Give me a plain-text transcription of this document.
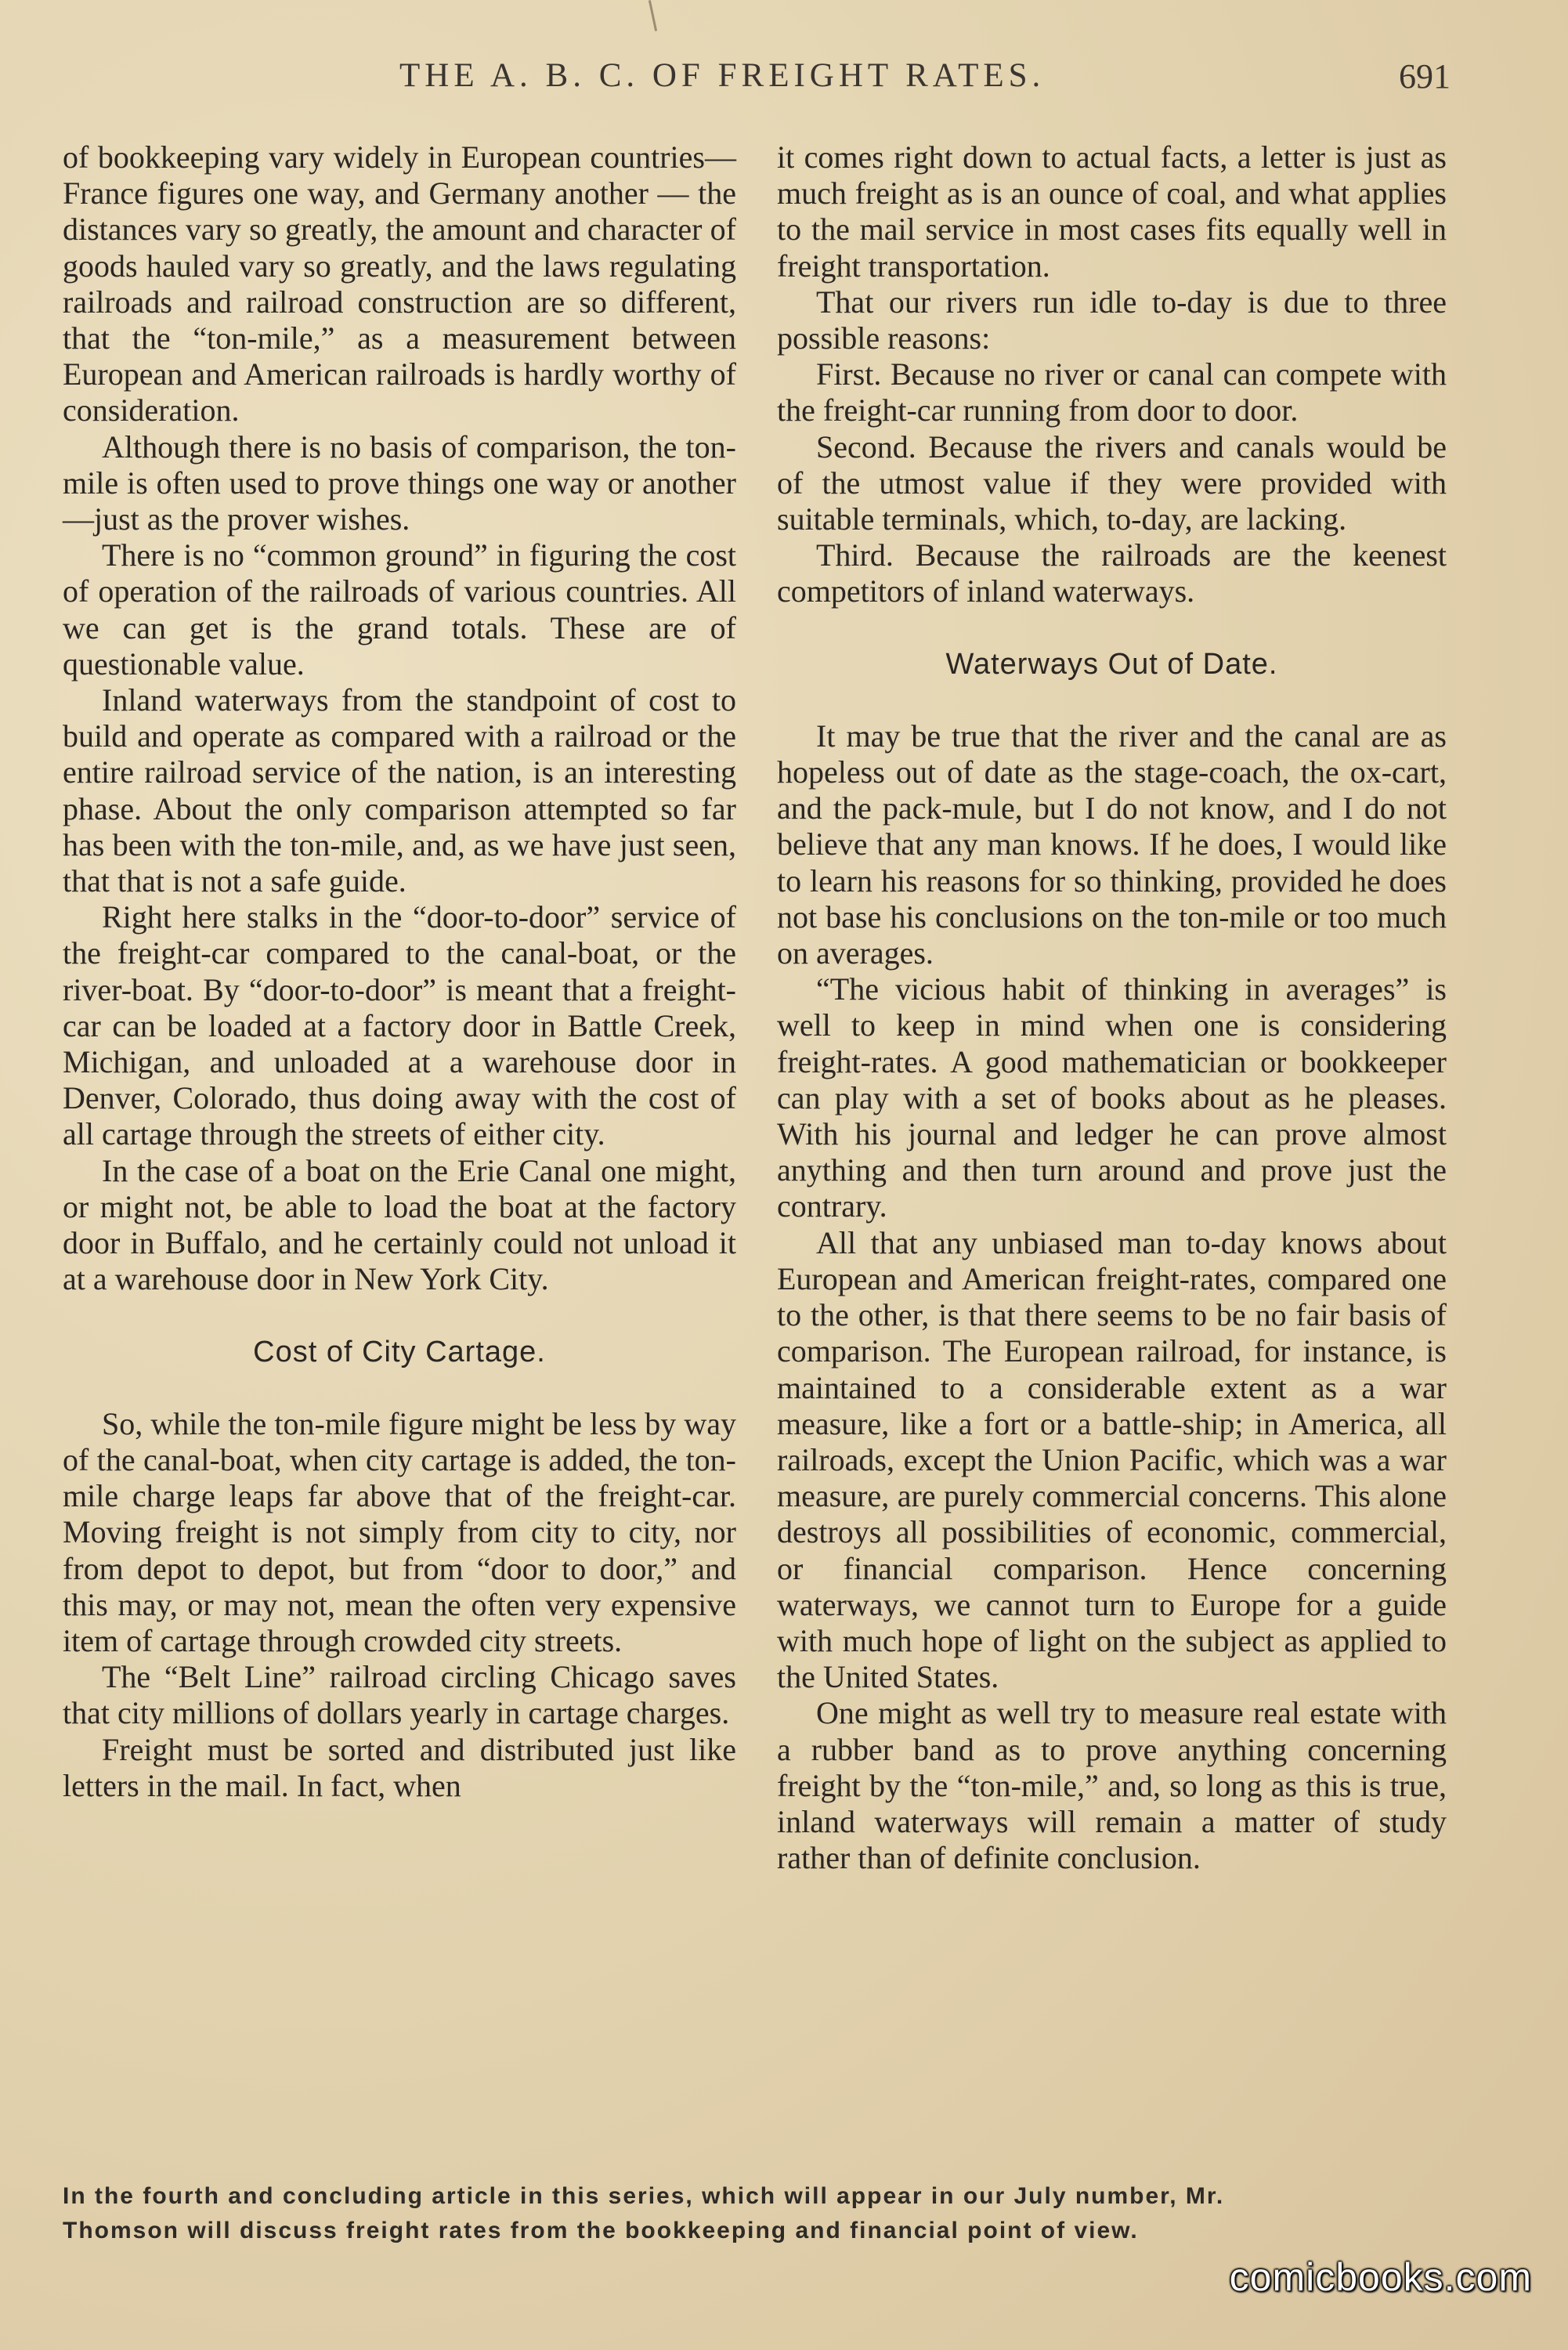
THE A. B. C. OF FREIGHT RATES.	691

of bookkeeping vary widely in European countries—France figures one way, and Germany another — the distances vary so greatly, the amount and character of goods hauled vary so greatly, and the laws regulating railroads and railroad construction are so different, that the “ton-mile,” as a measurement between European and American railroads is hardly worthy of consideration.

Although there is no basis of comparison, the ton-mile is often used to prove things one way or another—just as the prover wishes.

There is no “common ground” in figuring the cost of operation of the railroads of various countries. All we can get is the grand totals. These are of questionable value.

Inland waterways from the standpoint of cost to build and operate as compared with a railroad or the entire railroad service of the nation, is an interesting phase. About the only comparison attempted so far has been with the ton-mile, and, as we have just seen, that that is not a safe guide.

Right here stalks in the “door-to-door” service of the freight-car compared to the canal-boat, or the river-boat. By “door-to-door” is meant that a freight-car can be loaded at a factory door in Battle Creek, Michigan, and unloaded at a warehouse door in Denver, Colorado, thus doing away with the cost of all cartage through the streets of either city.

In the case of a boat on the Erie Canal one might, or might not, be able to load the boat at the factory door in Buffalo, and he certainly could not unload it at a warehouse door in New York City.

Cost of City Cartage.

So, while the ton-mile figure might be less by way of the canal-boat, when city cartage is added, the ton-mile charge leaps far above that of the freight-car. Moving freight is not simply from city to city, nor from depot to depot, but from “door to door,” and this may, or may not, mean the often very expensive item of cartage through crowded city streets.

The “Belt Line” railroad circling Chicago saves that city millions of dollars yearly in cartage charges.

Freight must be sorted and distributed just like letters in the mail. In fact, when

it comes right down to actual facts, a letter is just as much freight as is an ounce of coal, and what applies to the mail service in most cases fits equally well in freight transportation.

That our rivers run idle to-day is due to three possible reasons:

First. Because no river or canal can compete with the freight-car running from door to door.

Second. Because the rivers and canals would be of the utmost value if they were provided with suitable terminals, which, to-day, are lacking.

Third. Because the railroads are the keenest competitors of inland waterways.

Waterways Out of Date.

It may be true that the river and the canal are as hopeless out of date as the stage-coach, the ox-cart, and the pack-mule, but I do not know, and I do not believe that any man knows. If he does, I would like to learn his reasons for so thinking, provided he does not base his conclusions on the ton-mile or too much on averages.

“The vicious habit of thinking in averages” is well to keep in mind when one is considering freight-rates. A good mathematician or bookkeeper can play with a set of books about as he pleases. With his journal and ledger he can prove almost anything and then turn around and prove just the contrary.

All that any unbiased man to-day knows about European and American freight-rates, compared one to the other, is that there seems to be no fair basis of comparison. The European railroad, for instance, is maintained to a considerable extent as a war measure, like a fort or a battle-ship; in America, all railroads, except the Union Pacific, which was a war measure, are purely commercial concerns. This alone destroys all possibilities of economic, commercial, or financial comparison. Hence concerning waterways, we cannot turn to Europe for a guide with much hope of light on the subject as applied to the United States.

One might as well try to measure real estate with a rubber band as to prove anything concerning freight by the “ton-mile,” and, so long as this is true, inland waterways will remain a matter of study rather than of definite conclusion.

In the fourth and concluding article in this series, which will appear in our July number, Mr.
Thomson will discuss freight rates from the bookkeeping and financial point of view.
comicbooks.com
